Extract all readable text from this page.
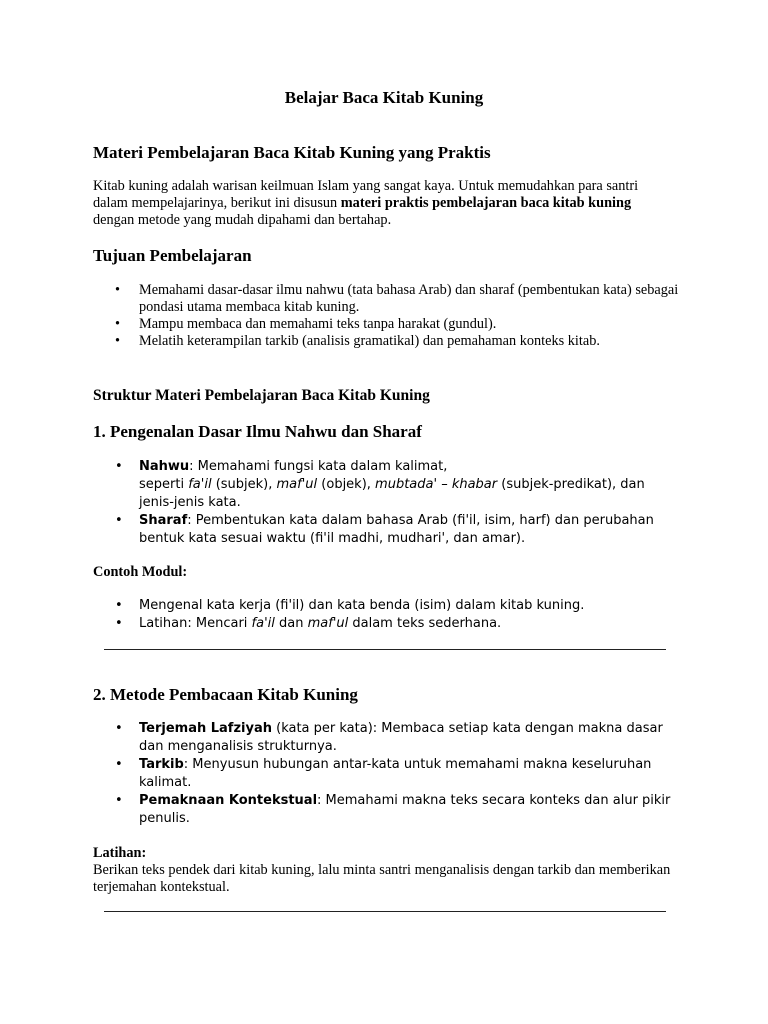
Belajar Baca Kitab Kuning
Materi Pembelajaran Baca Kitab Kuning yang Praktis

Kitab kuning adalah warisan keilmuan Islam yang sangat kaya. Untuk memudahkan para santri dalam mempelajarinya, berikut ini disusun materi praktis pembelajaran baca kitab kuning dengan metode yang mudah dipahami dan bertahap.

Tujuan Pembelajaran
• Memahami dasar-dasar ilmu nahwu (tata bahasa Arab) dan sharaf (pembentukan kata) sebagai pondasi utama membaca kitab kuning.
• Mampu membaca dan memahami teks tanpa harakat (gundul).
• Melatih keterampilan tarkib (analisis gramatikal) dan pemahaman konteks kitab.
Struktur Materi Pembelajaran Baca Kitab Kuning
1. Pengenalan Dasar Ilmu Nahwu dan Sharaf
• Nahwu: Memahami fungsi kata dalam kalimat,
seperti fa'il (subjek), maf'ul (objek), mubtada' – khabar (subjek-predikat), dan jenis-jenis kata.
• Sharaf: Pembentukan kata dalam bahasa Arab (fi'il, isim, harf) dan perubahan bentuk kata sesuai waktu (fi'il madhi, mudhari', dan amar).
Contoh Modul:
• Mengenal kata kerja (fi'il) dan kata benda (isim) dalam kitab kuning.
• Latihan: Mencari fa'il dan maf'ul dalam teks sederhana.
2. Metode Pembacaan Kitab Kuning
• Terjemah Lafziyah (kata per kata): Membaca setiap kata dengan makna dasar dan menganalisis strukturnya.
• Tarkib: Menyusun hubungan antar-kata untuk memahami makna keseluruhan kalimat.
• Pemaknaan Kontekstual: Memahami makna teks secara konteks dan alur pikir penulis.
Latihan:

Berikan teks pendek dari kitab kuning, lalu minta santri menganalisis dengan tarkib dan memberikan terjemahan kontekstual.
